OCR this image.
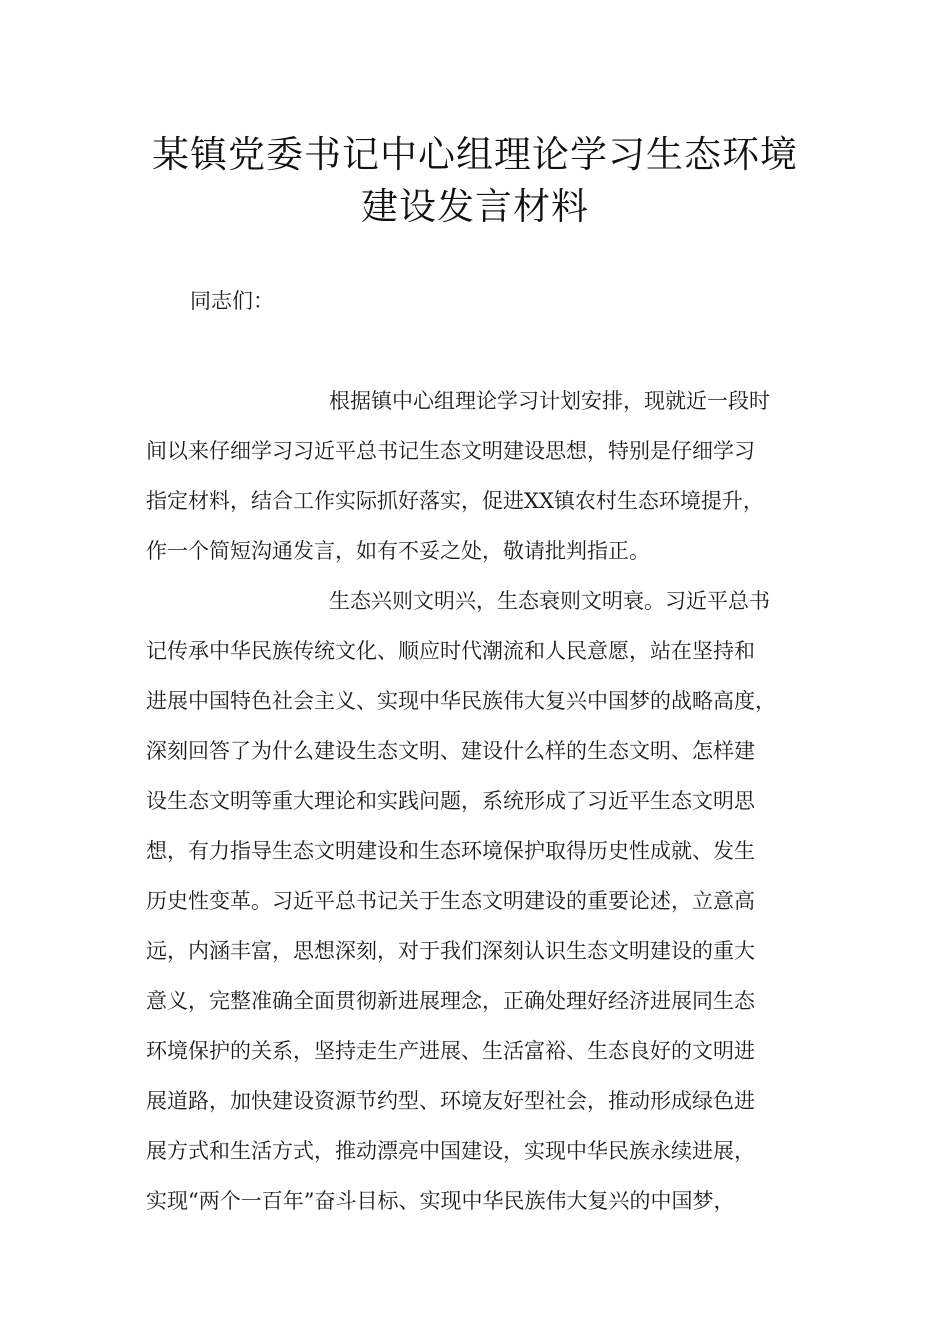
某镇党委书记中心组理论学习生态环境
建设发言材料
同志们：
根据镇中心组理论学习计划安排，现就近一段时
间以来仔细学习习近平总书记生态文明建设思想，特别是仔细学习
指定材料，结合工作实际抓好落实，促进XX镇农村生态环境提升，
作一个简短沟通发言，如有不妥之处，敬请批判指正。
生态兴则文明兴，生态衰则文明衰。习近平总书
记传承中华民族传统文化、顺应时代潮流和人民意愿，站在坚持和
进展中国特色社会主义、实现中华民族伟大复兴中国梦的战略高度，
深刻回答了为什么建设生态文明、建设什么样的生态文明、怎样建
设生态文明等重大理论和实践问题，系统形成了习近平生态文明思
想，有力指导生态文明建设和生态环境保护取得历史性成就、发生
历史性变革。习近平总书记关于生态文明建设的重要论述，立意高
远，内涵丰富，思想深刻，对于我们深刻认识生态文明建设的重大
意义，完整准确全面贯彻新进展理念，正确处理好经济进展同生态
环境保护的关系，坚持走生产进展、生活富裕、生态良好的文明进
展道路，加快建设资源节约型、环境友好型社会，推动形成绿色进
展方式和生活方式，推动漂亮中国建设，实现中华民族永续进展，
实现“两个一百年”奋斗目标、实现中华民族伟大复兴的中国梦，
